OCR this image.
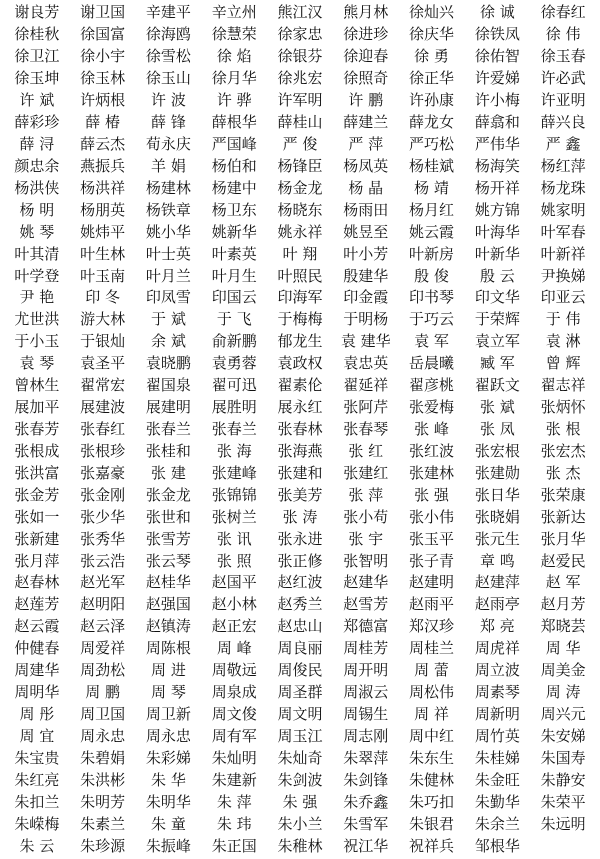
谢良芳	谢卫国	辛建平	辛立州	熊江汉	熊月林	徐灿兴	徐 诚	徐春红
徐桂秋	徐国富	徐海鸥	徐慧荣	徐家忠	徐进珍	徐庆华	徐铁凤	徐 伟
徐卫江	徐小宇	徐雪松	徐 焰	徐银芬	徐迎春	徐 勇	徐佑智	徐玉春
徐玉坤	徐玉林	徐玉山	徐月华	徐兆宏	徐照奇	徐正华	许爱娣	许必武
许 斌	许炳根	许 波	许 骅	许军明	许 鹏	许孙康	许小梅	许亚明
薛彩珍	薛 椿	薛 锋	薛根华	薛桂山	薛建兰	薛龙女	薛翕和	薛兴良
薛 浔	薛云杰	荀永庆	严国峰	严 俊	严 萍	严巧松	严伟华	严 鑫
颜忠余	燕振兵	羊 娟	杨伯和	杨锋臣	杨凤英	杨桂斌	杨海笑	杨红萍
杨洪侠	杨洪祥	杨建林	杨建中	杨金龙	杨 晶	杨 靖	杨开祥	杨龙珠
杨 明	杨朋英	杨铁章	杨卫东	杨晓东	杨雨田	杨月红	姚方锦	姚家明
姚 琴	姚炜平	姚小华	姚新华	姚永祥	姚昱至	姚云霞	叶海华	叶军春
叶其清	叶生林	叶士英	叶素英	叶 翔	叶小芳	叶新房	叶新华	叶新祥
叶学登	叶玉南	叶月兰	叶月生	叶照民	殷建华	殷 俊	殷 云	尹换娣
尹 艳	印 冬	印凤雪	印国云	印海军	印金霞	印书琴	印文华	印亚云
尤世洪	游大林	于 斌	于 飞	于梅梅	于明杨	于巧云	于荣辉	于 伟
于小玉	于银灿	余 斌	俞新鹏	郁龙生	袁 建华	袁 军	袁立军	袁 淋
袁 琴	袁圣平	袁晓鹏	袁勇蓉	袁政权	袁忠英	岳晨曦	臧 军	曾 辉
曾林生	翟常宏	翟国泉	翟可迅	翟素伦	翟延祥	翟彦桃	翟跃文	翟志祥
展加平	展建波	展建明	展胜明	展永红	张阿芹	张爱梅	张 斌	张炳怀
张春芳	张春红	张春兰	张春兰	张春林	张春琴	张 峰	张 凤	张 根
张根成	张根珍	张桂和	张 海	张海燕	张 红	张红波	张宏根	张宏杰
张洪富	张嘉豪	张 建	张建峰	张建和	张建红	张建林	张建勋	张 杰
张金芳	张金刚	张金龙	张锦锦	张美芳	张 萍	张 强	张日华	张荣康
张如一	张少华	张世和	张树兰	张 涛	张小苟	张小伟	张晓娟	张新达
张新建	张秀华	张雪芳	张 讯	张永进	张 宇	张玉平	张元生	张月华
张月萍	张云浩	张云琴	张 照	张正修	张智明	张子青	章 鸣	赵爱民
赵春林	赵光军	赵桂华	赵国平	赵红波	赵建华	赵建明	赵建萍	赵 军
赵莲芳	赵明阳	赵强国	赵小林	赵秀兰	赵雪芳	赵雨平	赵雨亭	赵月芳
赵云霞	赵云泽	赵镇涛	赵正宏	赵忠山	郑德富	郑汉珍	郑 亮	郑晓芸
仲健春	周爱祥	周陈根	周 峰	周良丽	周桂芳	周桂兰	周虎祥	周 华
周建华	周劲松	周 进	周敬远	周俊民	周开明	周 蕾	周立波	周美金
周明华	周 鹏	周 琴	周泉成	周圣群	周淑云	周松伟	周素琴	周 涛
周 彤	周卫国	周卫新	周文俊	周文明	周锡生	周 祥	周新明	周兴元
周 宜	周永忠	周永忠	周有军	周玉江	周志刚	周中红	周竹英	朱安娣
朱宝贵	朱碧娟	朱彩娣	朱灿明	朱灿奇	朱翠萍	朱东生	朱桂娣	朱国寿
朱红亮	朱洪彬	朱 华	朱建新	朱剑波	朱剑锋	朱健林	朱金旺	朱静安
朱扣兰	朱明芳	朱明华	朱 萍	朱 强	朱乔鑫	朱巧扣	朱勤华	朱荣平
朱嵘梅	朱素兰	朱 童	朱 玮	朱小兰	朱雪军	朱银君	朱余兰	朱远明
朱 云	朱珍源	朱振峰	朱正国	朱稚林	祝江华	祝祥兵	邹根华
